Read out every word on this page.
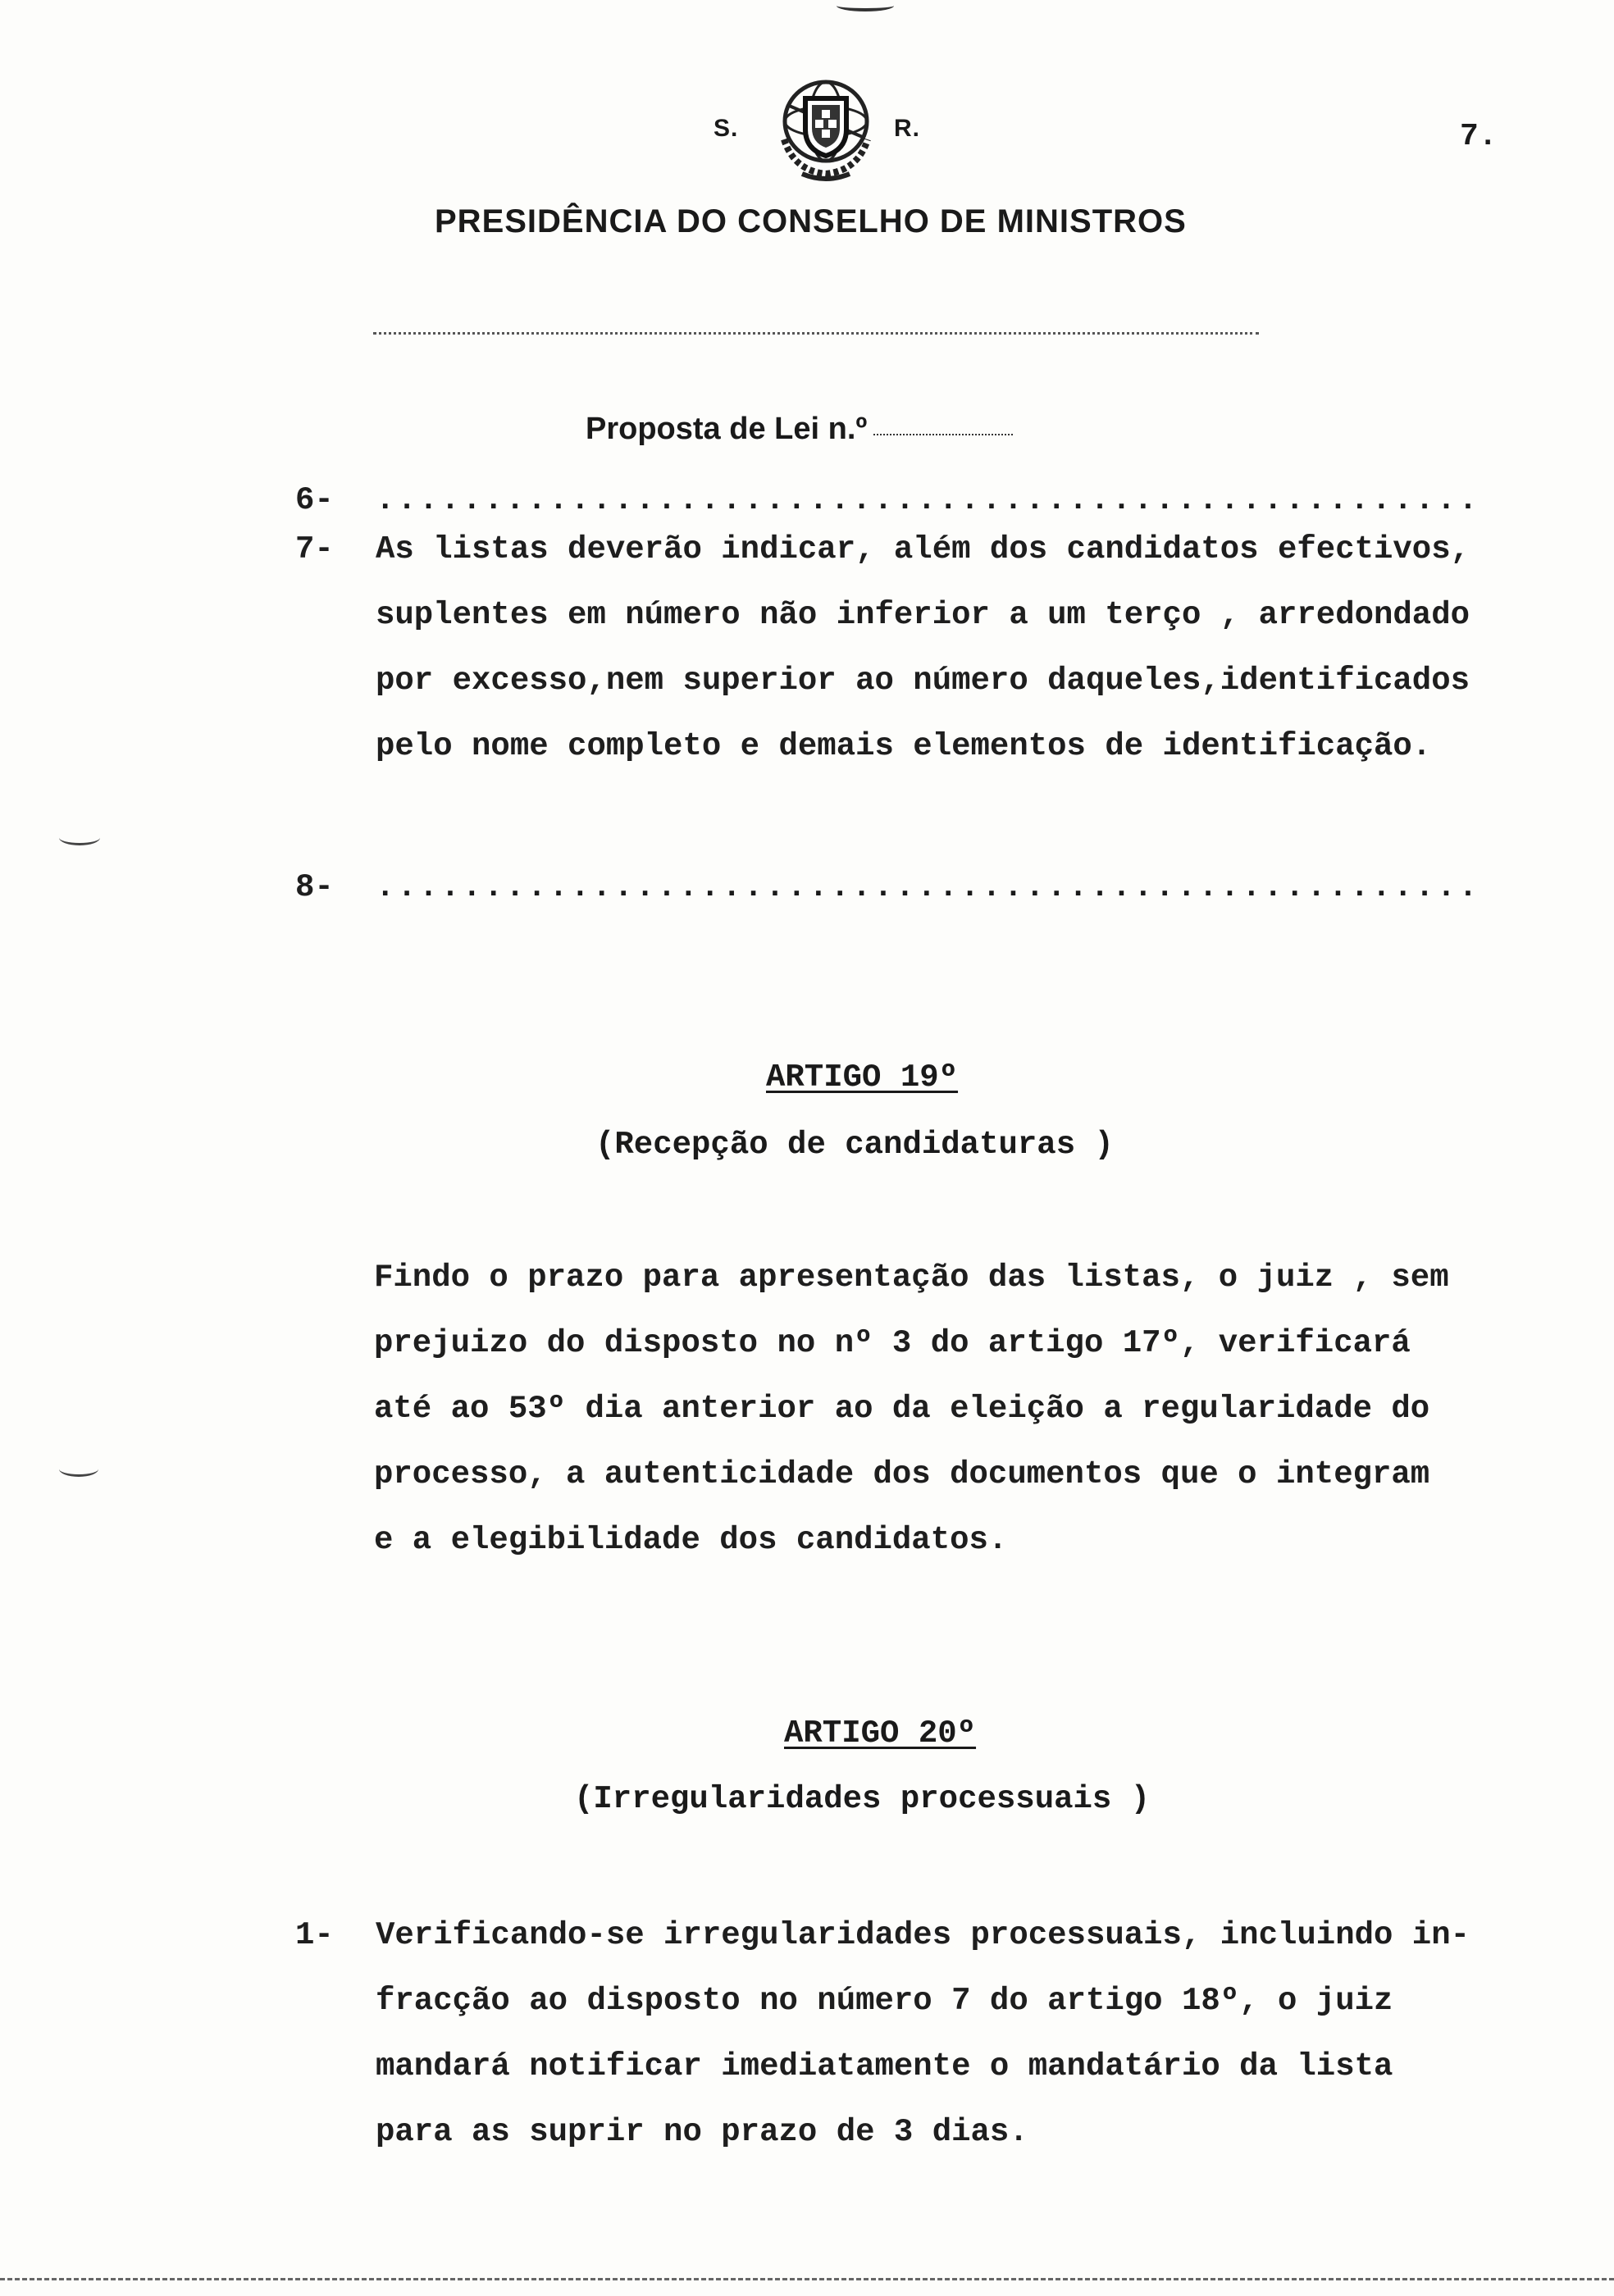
S.	R.	7.
PRESIDÊNCIA DO CONSELHO DE MINISTROS
Proposta de Lei n.º
6- ...................................................
7- As listas deverão indicar, além dos candidatos efectivos,

suplentes em número não inferior a um terço , arredondado

por excesso,nem superior ao número daqueles,identificados

pelo nome completo e demais elementos de identificação.

8- ...................................................
ARTIGO 19º
(Recepção de candidaturas )

Findo o prazo para apresentação das listas, o juiz , sem

prejuizo do disposto no nº 3 do artigo 17º, verificará

até ao 53º dia anterior ao da eleição a regularidade do

processo, a autenticidade dos documentos que o integram

e a elegibilidade dos candidatos.

ARTIGO 20º
(Irregularidades processuais )
1- Verificando-se irregularidades processuais, incluindo in-

fracção ao disposto no número 7 do artigo 18º, o juiz

mandará notificar imediatamente o mandatário da lista

para as suprir no prazo de 3 dias.
